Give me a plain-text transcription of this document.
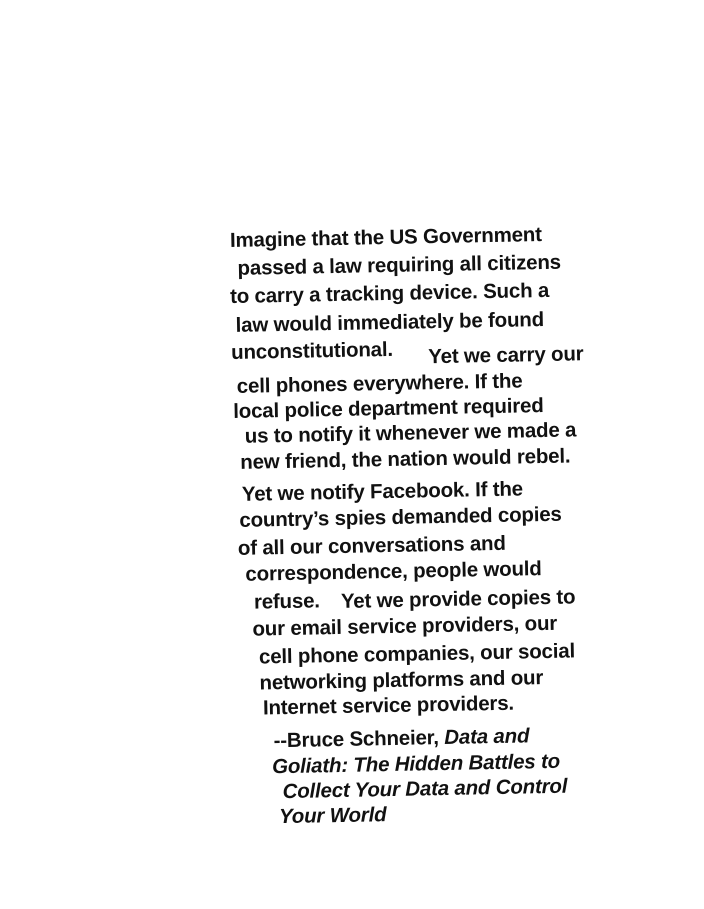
Imagine that the US Government
passed a law requiring all citizens
to carry a tracking device. Such a
law would immediately be found
unconstitutional. Yet we carry our
cell phones everywhere. If the
local police department required
us to notify it whenever we made a
new friend, the nation would rebel.
Yet we notify Facebook. If the
country’s spies demanded copies
of all our conversations and
correspondence, people would
refuse. Yet we provide copies to
our email service providers, our
cell phone companies, our social
networking platforms and our
Internet service providers.
--Bruce Schneier, Data and
Goliath: The Hidden Battles to
Collect Your Data and Control
Your World
